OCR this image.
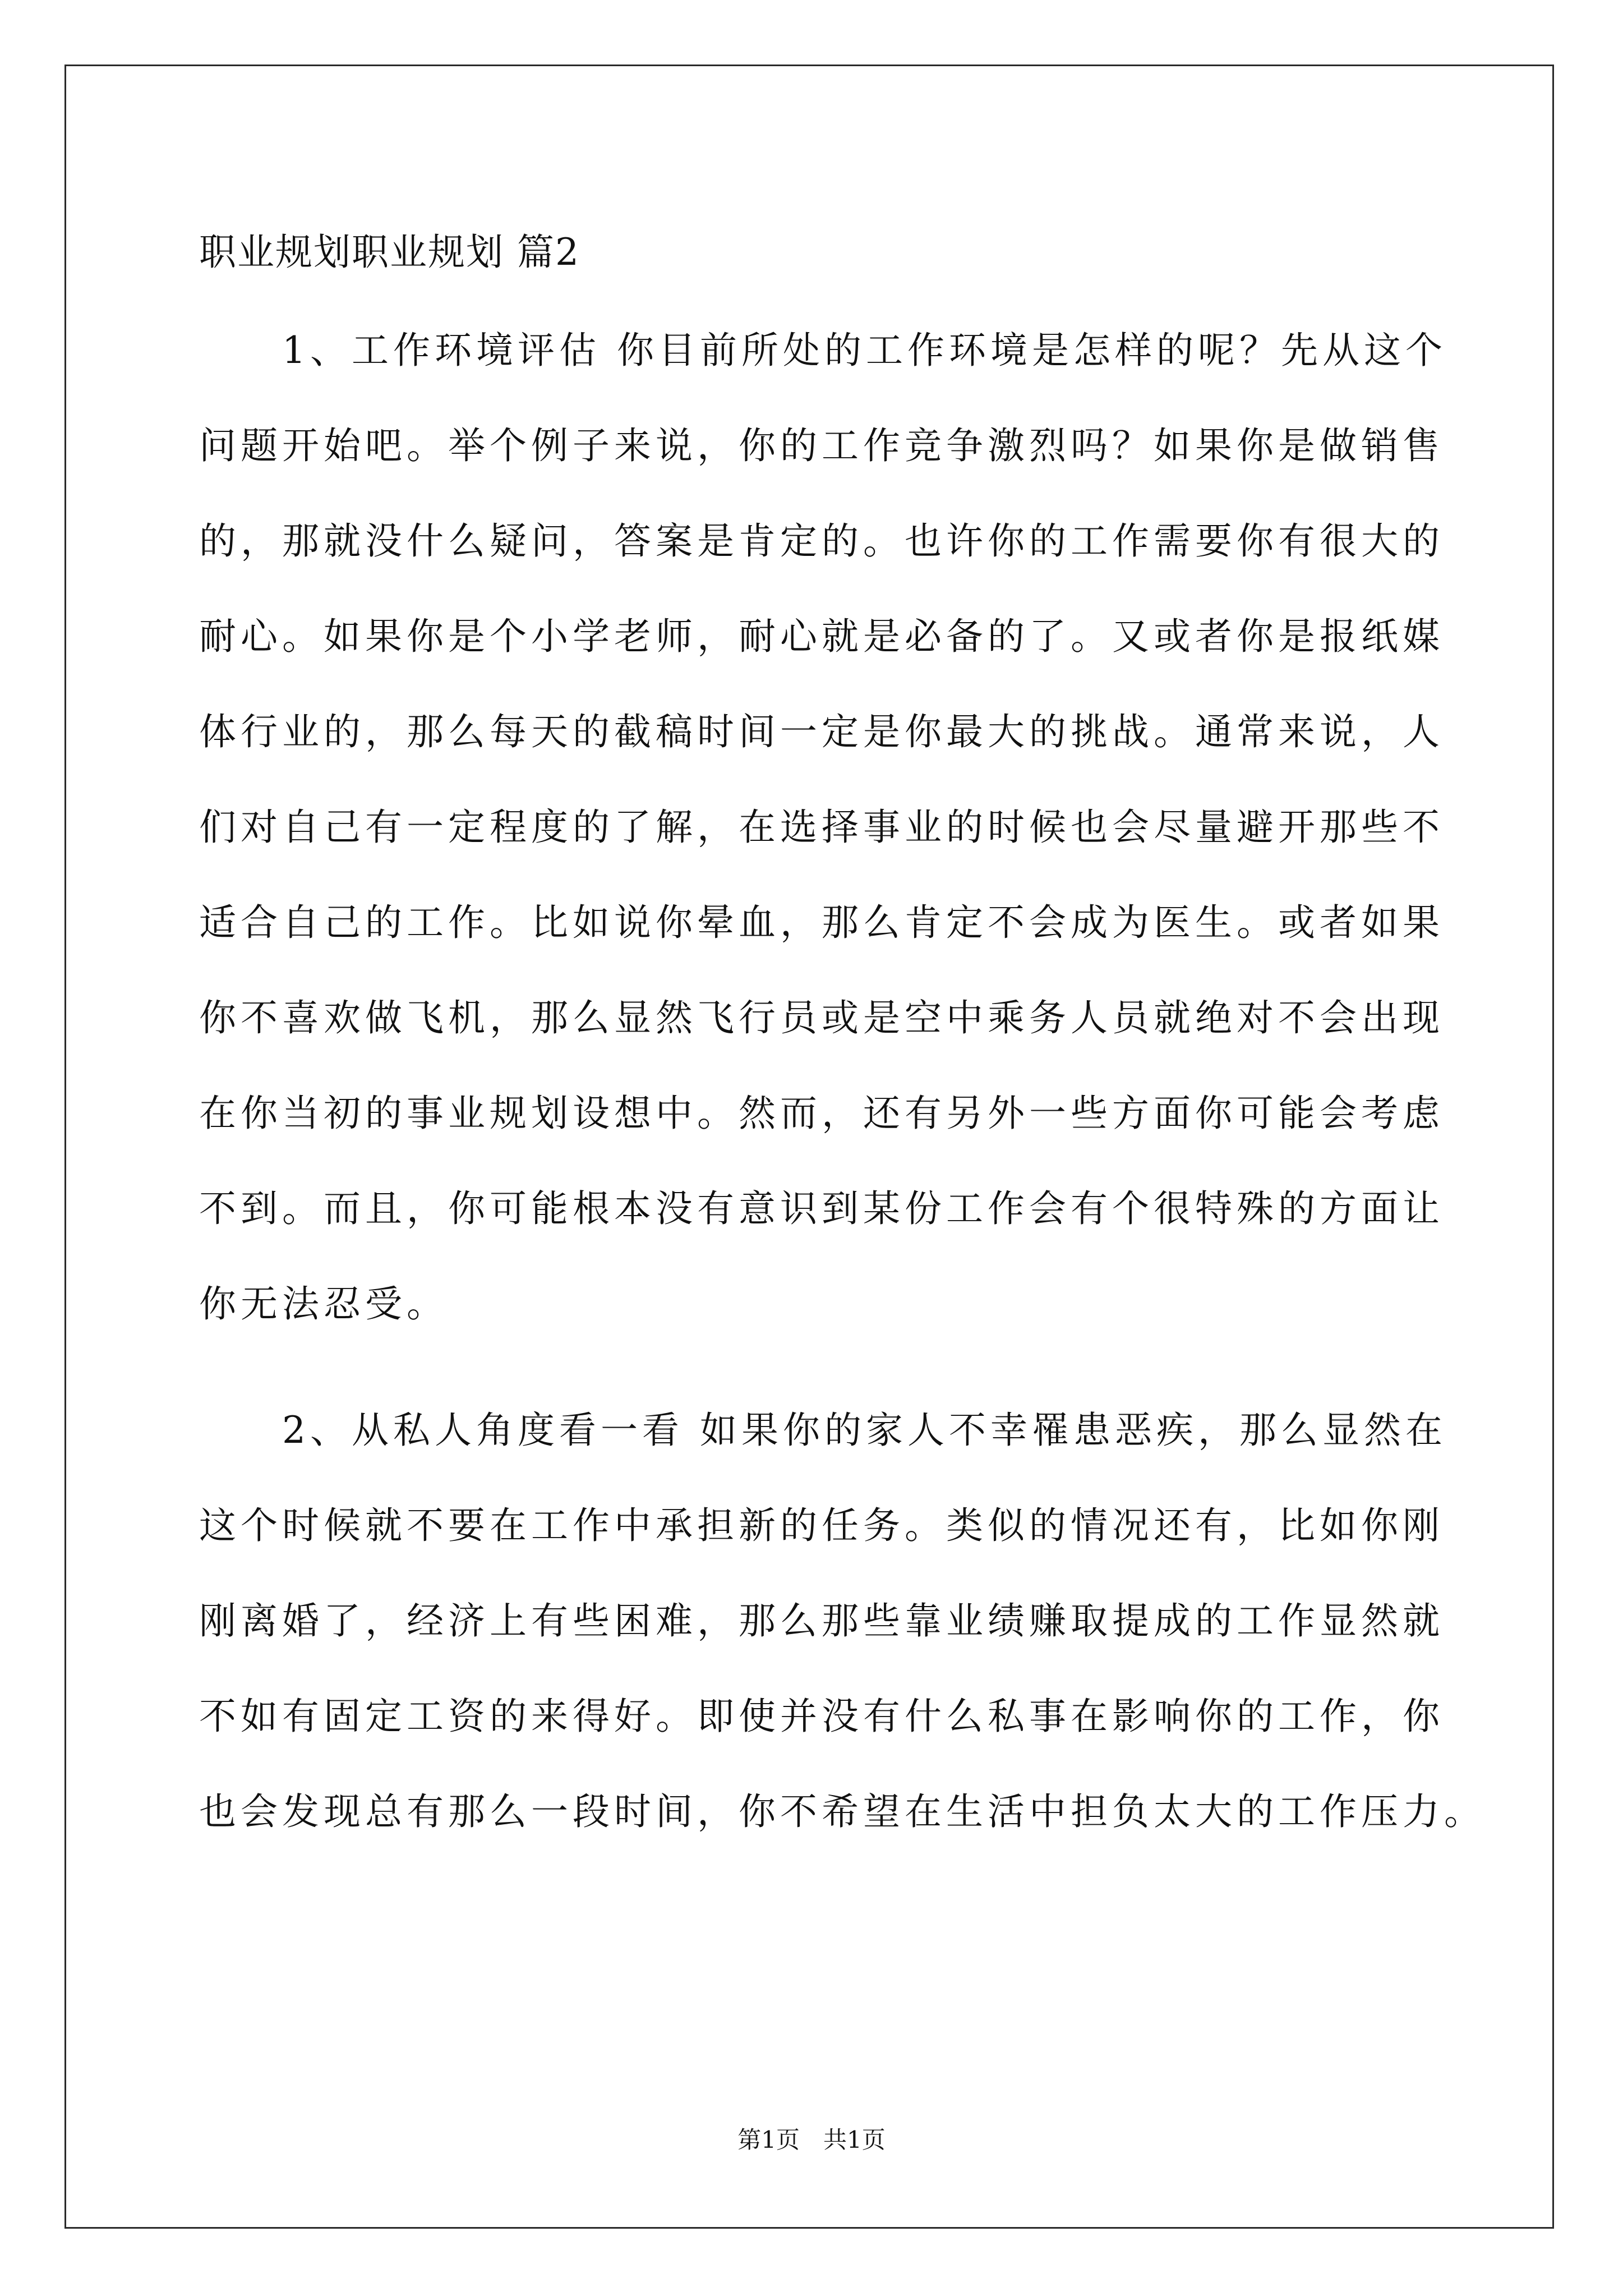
职业规划职业规划 篇2
　　1、工作环境评估 你目前所处的工作环境是怎样的呢？先从这个
问题开始吧。举个例子来说，你的工作竞争激烈吗？如果你是做销售
的，那就没什么疑问，答案是肯定的。也许你的工作需要你有很大的
耐心。如果你是个小学老师，耐心就是必备的了。又或者你是报纸媒
体行业的，那么每天的截稿时间一定是你最大的挑战。通常来说，人
们对自己有一定程度的了解，在选择事业的时候也会尽量避开那些不
适合自己的工作。比如说你晕血，那么肯定不会成为医生。或者如果
你不喜欢做飞机，那么显然飞行员或是空中乘务人员就绝对不会出现
在你当初的事业规划设想中。然而，还有另外一些方面你可能会考虑
不到。而且，你可能根本没有意识到某份工作会有个很特殊的方面让
你无法忍受。
　　2、从私人角度看一看 如果你的家人不幸罹患恶疾，那么显然在
这个时候就不要在工作中承担新的任务。类似的情况还有，比如你刚
刚离婚了，经济上有些困难，那么那些靠业绩赚取提成的工作显然就
不如有固定工资的来得好。即使并没有什么私事在影响你的工作，你
也会发现总有那么一段时间，你不希望在生活中担负太大的工作压力。
第1页　共1页
